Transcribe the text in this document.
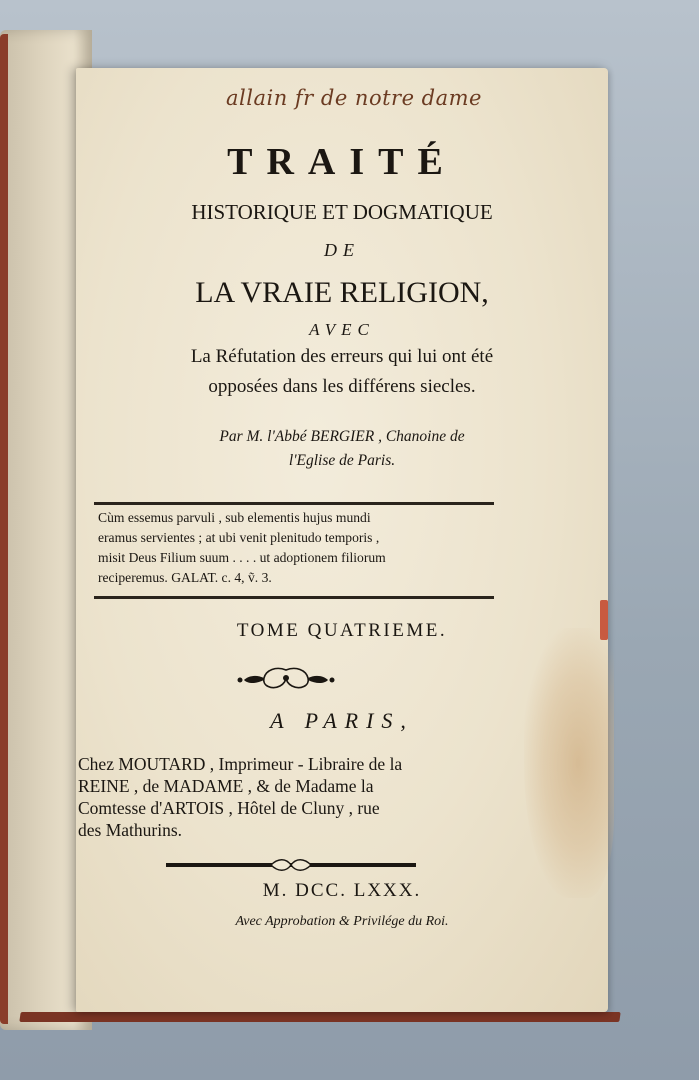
allain fr de notre dame
TRAITÉ
HISTORIQUE ET DOGMATIQUE
DE
LA VRAIE RELIGION,
AVEC
La Réfutation des erreurs qui lui ont été
opposées dans les différens siecles.
Par M. l'Abbé BERGIER , Chanoine de
l'Eglise de Paris.
Cùm essemus parvuli , sub elementis hujus mundi
eramus servientes ; at ubi venit plenitudo temporis ,
misit Deus Filium suum . . . . ut adoptionem filiorum
reciperemus. GALAT. c. 4, ṽ. 3.
TOME QUATRIEME.
A PARIS,
Chez MOUTARD , Imprimeur - Libraire de la
REINE , de MADAME , & de Madame la
Comtesse d'ARTOIS , Hôtel de Cluny , rue
des Mathurins.
M. DCC. LXXX.
Avec Approbation & Privilége du Roi.
